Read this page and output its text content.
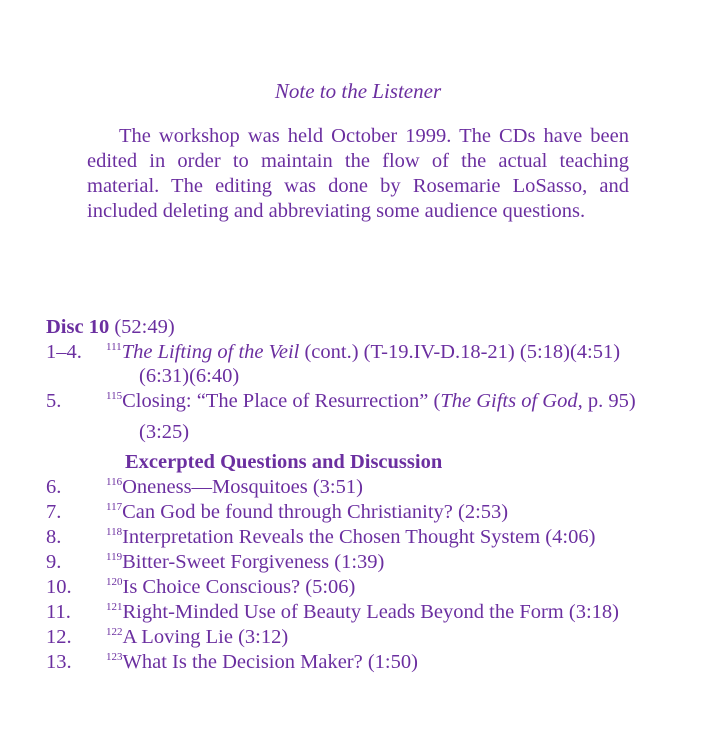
Note to the Listener
The workshop was held October 1999. The CDs have been edited in order to maintain the flow of the actual teaching material. The editing was done by Rosemarie LoSasso, and included deleting and abbreviating some audience questions.
Disc 10 (52:49)
1–4. $^{111}$The Lifting of the Veil (cont.) (T-19.IV-D.18-21) (5:18)(4:51)
(6:31)(6:40)
5.	$^{115}$Closing: “The Place of Resurrection” (The Gifts of God, p. 95)
(3:25)
Excerpted Questions and Discussion
6.	$^{116}$Oneness—Mosquitoes (3:51)
7.	$^{117}$Can God be found through Christianity? (2:53)
8.	$^{118}$Interpretation Reveals the Chosen Thought System (4:06)
9.	$^{119}$Bitter-Sweet Forgiveness (1:39)
10.	$^{120}$Is Choice Conscious? (5:06)
11.	$^{121}$Right-Minded Use of Beauty Leads Beyond the Form (3:18)
12.	$^{122}$A Loving Lie (3:12)
13.	$^{123}$What Is the Decision Maker? (1:50)
